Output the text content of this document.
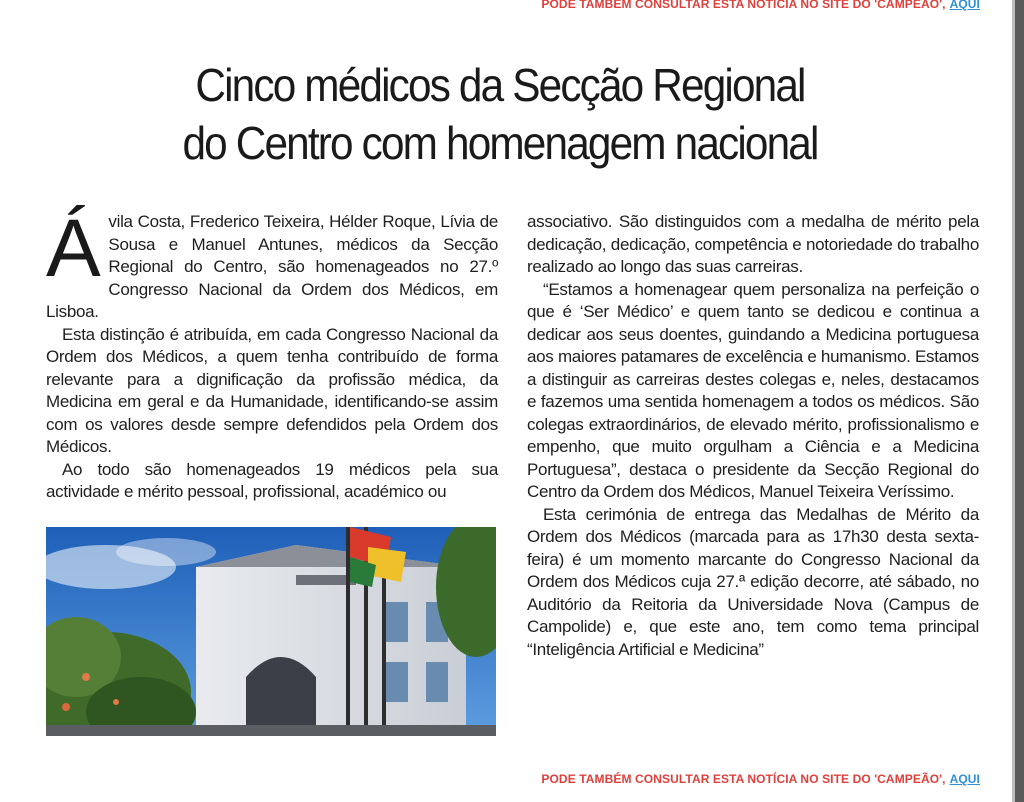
PODE TAMBEM CONSULTAR ESTA NOTICIA NO SITE DO 'CAMPEAO', AQUI
Cinco médicos da Secção Regional
do Centro com homenagem nacional

Ávila Costa, Frederico Teixeira, Hélder Roque, Lívia de Sousa e Manuel Antunes, médicos da Secção Regional do Centro, são homenageados no 27.º Congresso Nacional da Ordem dos Médicos, em Lisboa.

Esta distinção é atribuída, em cada Congresso Nacional da Ordem dos Médicos, a quem tenha contribuído de forma relevante para a dignificação da profissão médica, da Medicina em geral e da Humanidade, identificando-se assim com os valores desde sempre defendidos pela Ordem dos Médicos.

Ao todo são homenageados 19 médicos pela sua actividade e mérito pessoal, profissional, académico ou

associativo. São distinguidos com a medalha de mérito pela dedicação, dedicação, competência e notoriedade do trabalho realizado ao longo das suas carreiras.

“Estamos a homenagear quem personaliza na perfeição o que é ‘Ser Médico’ e quem tanto se dedicou e continua a dedicar aos seus doentes, guindando a Medicina portuguesa aos maiores patamares de excelência e humanismo. Estamos a distinguir as carreiras destes colegas e, neles, destacamos e fazemos uma sentida homenagem a todos os médicos. São colegas extraordinários, de elevado mérito, profissionalismo e empenho, que muito orgulham a Ciência e a Medicina Portuguesa”, destaca o presidente da Secção Regional do Centro da Ordem dos Médicos, Manuel Teixeira Veríssimo.

Esta cerimónia de entrega das Medalhas de Mérito da Ordem dos Médicos (marcada para as 17h30 desta sexta-feira) é um momento marcante do Congresso Nacional da Ordem dos Médicos cuja 27.ª edição decorre, até sábado, no Auditório da Reitoria da Universidade Nova (Campus de Campolide) e, que este ano, tem como tema principal “Inteligência Artificial e Medicina”

PODE TAMBÉM CONSULTAR ESTA NOTÍCIA NO SITE DO 'CAMPEÃO', AQUI
